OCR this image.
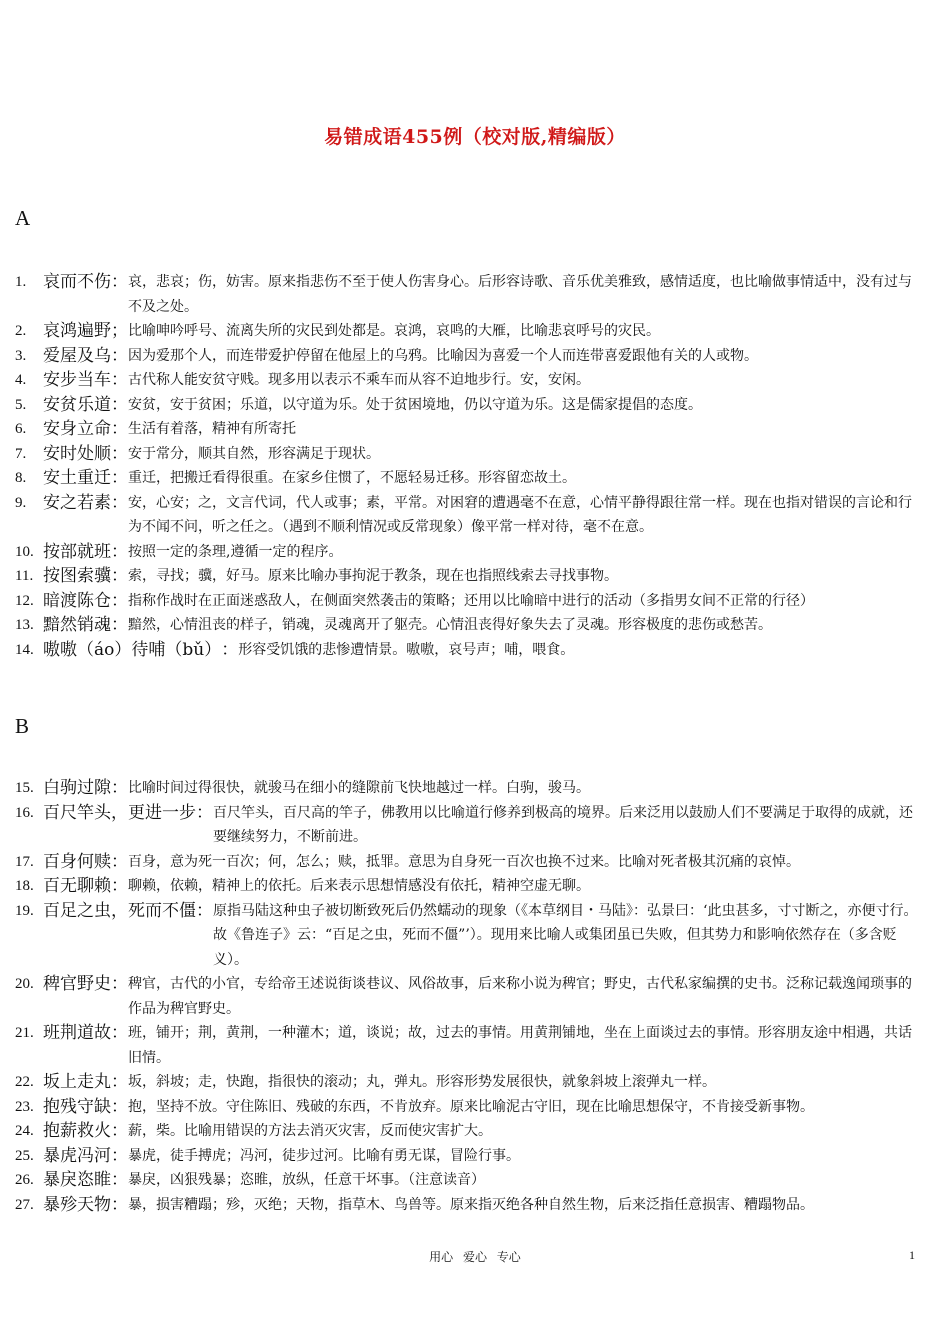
易错成语455例（校对版,精编版）
A
1. 哀而不伤 ： 哀，悲哀；伤，妨害。原来指悲伤不至于使人伤害身心。后形容诗歌、音乐优美雅致，感情适度，也比喻做事情适中，没有过与不及之处。
2. 哀鸿遍野 ； 比喻呻吟呼号、流离失所的灾民到处都是。哀鸿，哀鸣的大雁，比喻悲哀呼号的灾民。
3. 爱屋及乌 ： 因为爱那个人，而连带爱护停留在他屋上的乌鸦。比喻因为喜爱一个人而连带喜爱跟他有关的人或物。
4. 安步当车 ： 古代称人能安贫守贱。现多用以表示不乘车而从容不迫地步行。安，安闲。
5. 安贫乐道 ： 安贫，安于贫困；乐道，以守道为乐。处于贫困境地，仍以守道为乐。这是儒家提倡的态度。
6. 安身立命 ： 生活有着落，精神有所寄托
7. 安时处顺 ： 安于常分，顺其自然，形容满足于现状。
8. 安土重迁 ： 重迁，把搬迁看得很重。在家乡住惯了，不愿轻易迁移。形容留恋故土。
9. 安之若素 ： 安，心安；之，文言代词，代人或事；素，平常。对困窘的遭遇毫不在意，心情平静得跟往常一样。现在也指对错误的言论和行为不闻不问，听之任之。（遇到不顺利情况或反常现象）像平常一样对待，毫不在意。
10. 按部就班 ： 按照一定的条理,遵循一定的程序。
11. 按图索骥 ： 索，寻找；骥，好马。原来比喻办事拘泥于教条，现在也指照线索去寻找事物。
12. 暗渡陈仓 ： 指称作战时在正面迷惑敌人，在侧面突然袭击的策略；还用以比喻暗中进行的活动（多指男女间不正常的行径）
13. 黯然销魂 ： 黯然，心情沮丧的样子，销魂，灵魂离开了躯壳。心情沮丧得好象失去了灵魂。形容极度的悲伤或愁苦。
14. 嗷嗷（áo）待哺（bǔ） ： 形容受饥饿的悲惨遭情景。嗷嗷，哀号声；哺，喂食。
B
15. 白驹过隙 ： 比喻时间过得很快，就骏马在细小的缝隙前飞快地越过一样。白驹，骏马。
16. 百尺竿头，更进一步 ： 百尺竿头，百尺高的竿子，佛教用以比喻道行修养到极高的境界。后来泛用以鼓励人们不要满足于取得的成就，还要继续努力，不断前进。
17. 百身何赎 ： 百身，意为死一百次；何，怎么；赎，抵罪。意思为自身死一百次也换不过来。比喻对死者极其沉痛的哀悼。
18. 百无聊赖 ： 聊赖，依赖，精神上的依托。后来表示思想情感没有依托，精神空虚无聊。
19. 百足之虫，死而不僵 ： 原指马陆这种虫子被切断致死后仍然蠕动的现象（《本草纲目・马陆》：弘景曰：‘此虫甚多，寸寸断之，亦便寸行。故《鲁连子》云：“百足之虫，死而不僵”’）。现用来比喻人或集团虽已失败，但其势力和影响依然存在（多含贬义）。
20. 稗官野史 ： 稗官，古代的小官，专给帝王述说街谈巷议、风俗故事，后来称小说为稗官；野史，古代私家编撰的史书。泛称记载逸闻琐事的作品为稗官野史。
21. 班荆道故 ： 班，铺开；荆，黄荆，一种灌木；道，谈说；故，过去的事情。用黄荆铺地，坐在上面谈过去的事情。形容朋友途中相遇，共话旧情。
22. 坂上走丸 ： 坂，斜坡；走，快跑，指很快的滚动；丸，弹丸。形容形势发展很快，就象斜坡上滚弹丸一样。
23. 抱残守缺 ： 抱，坚持不放。守住陈旧、残破的东西，不肯放弃。原来比喻泥古守旧，现在比喻思想保守，不肯接受新事物。
24. 抱薪救火 ： 薪，柴。比喻用错误的方法去消灭灾害，反而使灾害扩大。
25. 暴虎冯河 ： 暴虎，徒手搏虎；冯河，徒步过河。比喻有勇无谋，冒险行事。
26. 暴戾恣睢 ： 暴戾，凶狠残暴；恣睢，放纵，任意干坏事。（注意读音）
27. 暴殄天物 ： 暴，损害糟蹋；殄，灭绝；天物，指草木、鸟兽等。原来指灭绝各种自然生物，后来泛指任意损害、糟蹋物品。
用心 爱心 专心	1
